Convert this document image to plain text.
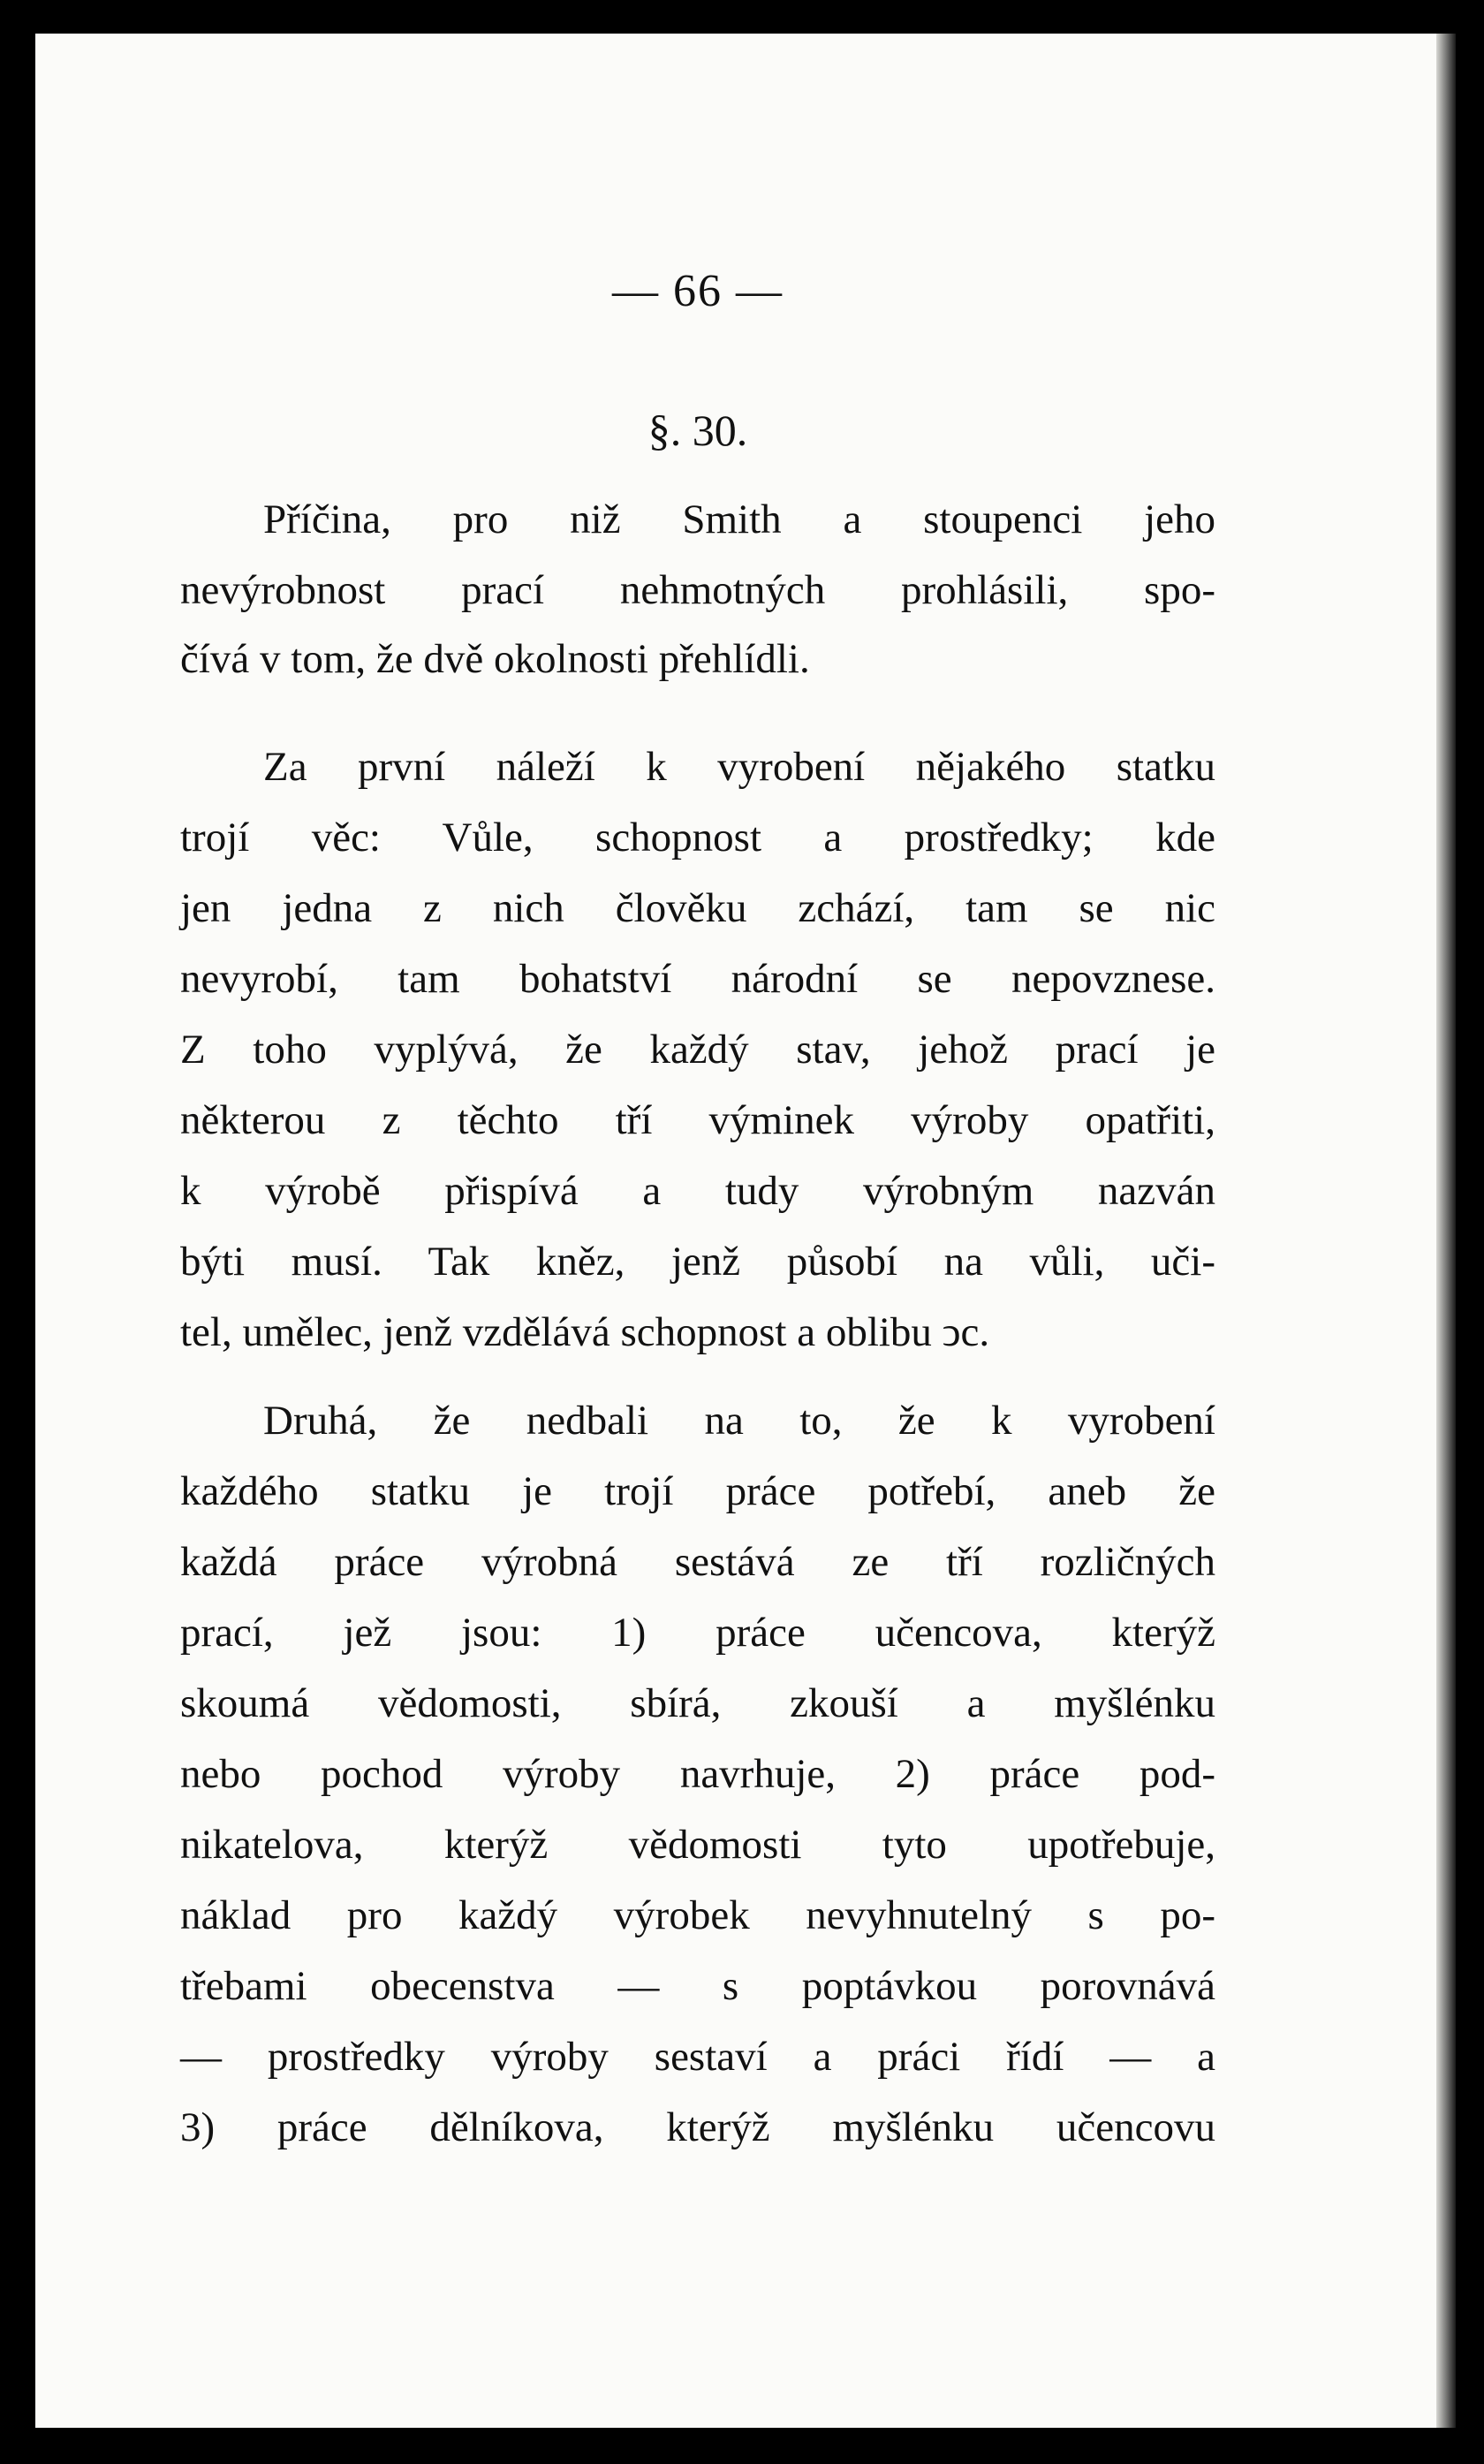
— 66 —
§. 30.
Příčina, pro niž Smith a stoupenci jeho
nevýrobnost prací nehmotných prohlásili, spo-
čívá v tom, že dvě okolnosti přehlídli.
Za první náleží k vyrobení nějakého statku
trojí věc: Vůle, schopnost a prostředky; kde
jen jedna z nich člověku zchází, tam se nic
nevyrobí, tam bohatství národní se nepovznese.
Z toho vyplývá, že každý stav, jehož prací je
některou z těchto tří výminek výroby opatřiti,
k výrobě přispívá a tudy výrobným nazván
býti musí. Tak kněz, jenž působí na vůli, uči-
tel, umělec, jenž vzdělává schopnost a oblibu ͻc.
Druhá, že nedbali na to, že k vyrobení
každého statku je trojí práce potřebí, aneb že
každá práce výrobná sestává ze tří rozličných
prací, jež jsou: 1) práce učencova, kterýž
skoumá vědomosti, sbírá, zkouší a myšlénku
nebo pochod výroby navrhuje, 2) práce pod-
nikatelova, kterýž vědomosti tyto upotřebuje,
náklad pro každý výrobek nevyhnutelný s po-
třebami obecenstva — s poptávkou porovnává
— prostředky výroby sestaví a práci řídí — a
3) práce dělníkova, kterýž myšlénku učencovu
